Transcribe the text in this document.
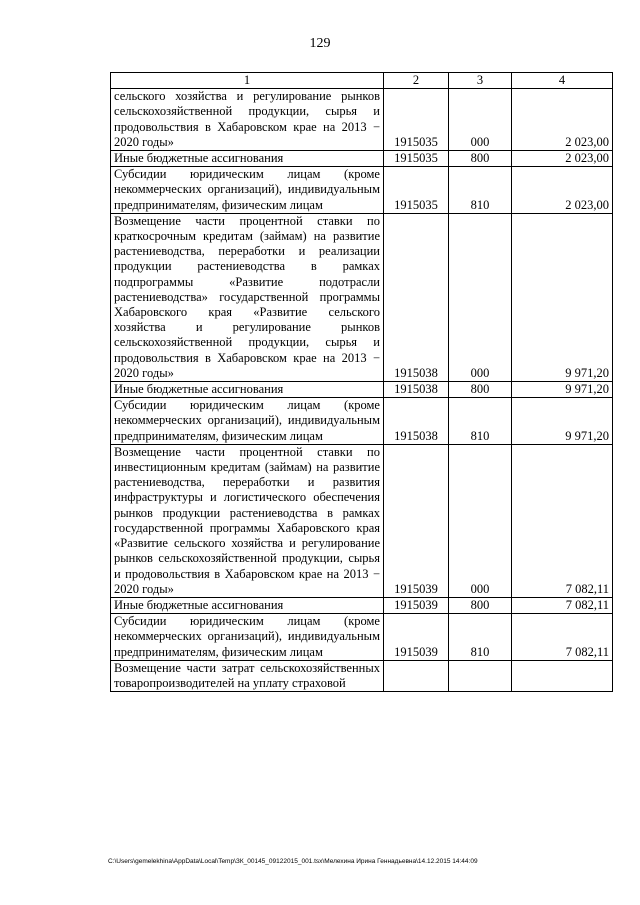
129
1	2	3	4
сельского хозяйства и регулирование рынков сельскохозяйственной продукции, сырья и продовольствия в Хабаровском крае на 2013 − 2020 годы»	1915035	000	2 023,00
Иные бюджетные ассигнования	1915035	800	2 023,00
Субсидии юридическим лицам (кроме некоммерческих организаций), индивидуальным предпринимателям, физическим лицам	1915035	810	2 023,00
Возмещение части процентной ставки по краткосрочным кредитам (займам) на развитие растениеводства, переработки и реализации продукции растениеводства в рамках подпрограммы «Развитие подотрасли растениеводства» государственной программы Хабаровского края «Развитие сельского хозяйства и регулирование рынков сельскохозяйственной продукции, сырья и продовольствия в Хабаровском крае на 2013 − 2020 годы»	1915038	000	9 971,20
Иные бюджетные ассигнования	1915038	800	9 971,20
Субсидии юридическим лицам (кроме некоммерческих организаций), индивидуальным предпринимателям, физическим лицам	1915038	810	9 971,20
Возмещение части процентной ставки по инвестиционным кредитам (займам) на развитие растениеводства, переработки и развития инфраструктуры и логистического обеспечения рынков продукции растениеводства в рамках государственной программы Хабаровского края «Развитие сельского хозяйства и регулирование рынков сельскохозяйственной продукции, сырья и продовольствия в Хабаровском крае на 2013 − 2020 годы»	1915039	000	7 082,11
Иные бюджетные ассигнования	1915039	800	7 082,11
Субсидии юридическим лицам (кроме некоммерческих организаций), индивидуальным предпринимателям, физическим лицам	1915039	810	7 082,11
Возмещение части затрат сельскохозяйственных товаропроизводителей на уплату страховой			
C:\Users\gemelekhina\AppData\Local\Temp\ЗК_00145_09122015_001.tsx\Мелехина Ирина Геннадьевна\14.12.2015 14:44:09
